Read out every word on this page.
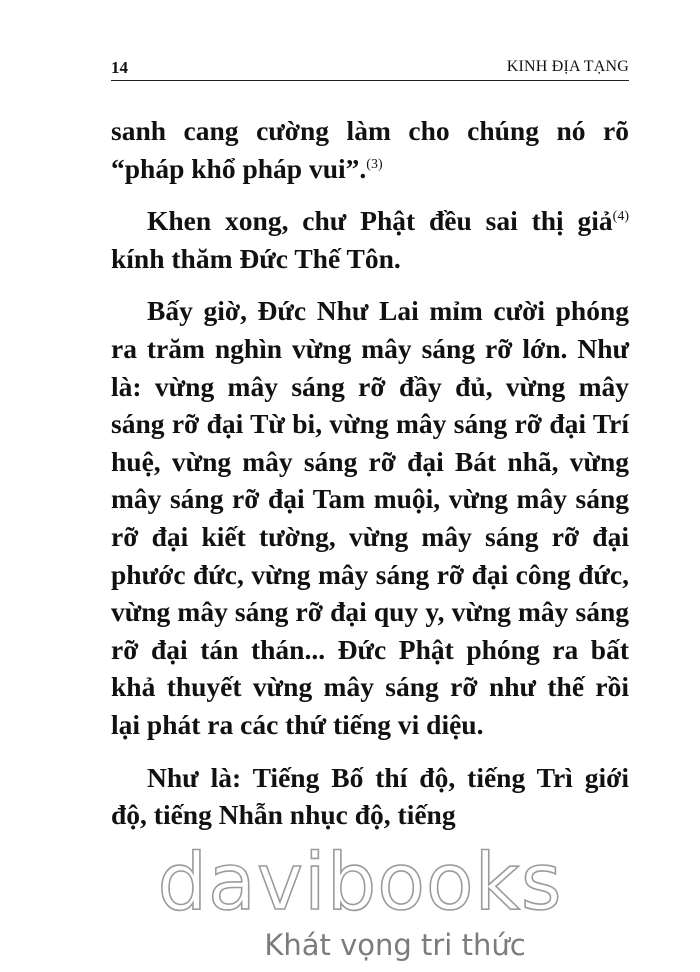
14	KINH ĐỊA TẠNG

sanh cang cường làm cho chúng nó rõ “pháp khổ pháp vui”.$^{(3)}$

Khen xong, chư Phật đều sai thị giả$^{(4)}$ kính thăm Đức Thế Tôn.

Bấy giờ, Đức Như Lai mỉm cười phóng ra trăm nghìn vừng mây sáng rỡ lớn. Như là: vừng mây sáng rỡ đầy đủ, vừng mây sáng rỡ đại Từ bi, vừng mây sáng rỡ đại Trí huệ, vừng mây sáng rỡ đại Bát nhã, vừng mây sáng rỡ đại Tam muội, vừng mây sáng rỡ đại kiết tường, vừng mây sáng rỡ đại phước đức, vừng mây sáng rỡ đại công đức, vừng mây sáng rỡ đại quy y, vừng mây sáng rỡ đại tán thán... Đức Phật phóng ra bất khả thuyết vừng mây sáng rỡ như thế rồi lại phát ra các thứ tiếng vi diệu.

Như là: Tiếng Bố thí độ, tiếng Trì giới độ, tiếng Nhẫn nhục độ, tiếng

davibooks
Khát vọng tri thức
